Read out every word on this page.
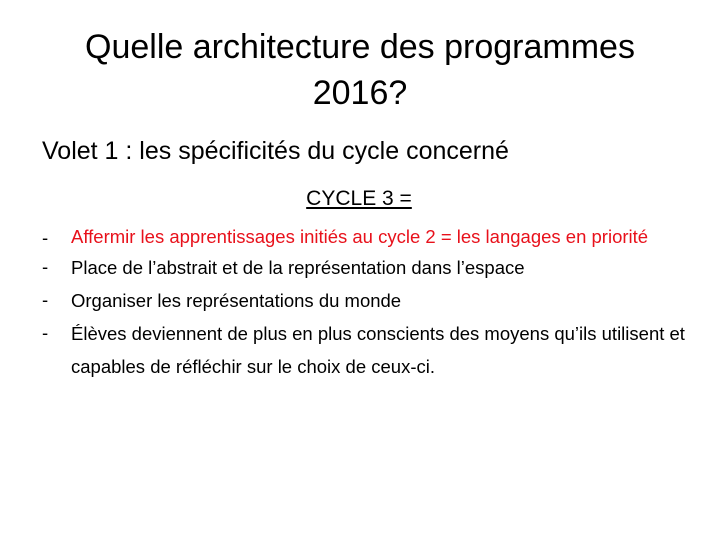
Quelle architecture des programmes
2016?

Volet 1 : les spécificités du cycle concerné

CYCLE 3 =
-	Affermir les apprentissages initiés au cycle 2 = les langages en priorité
-	Place de l’abstrait et de la représentation dans l’espace
-	Organiser les représentations du monde
-	Élèves deviennent de plus en plus conscients des moyens qu’ils utilisent et capables de réfléchir sur le choix de ceux-ci.
